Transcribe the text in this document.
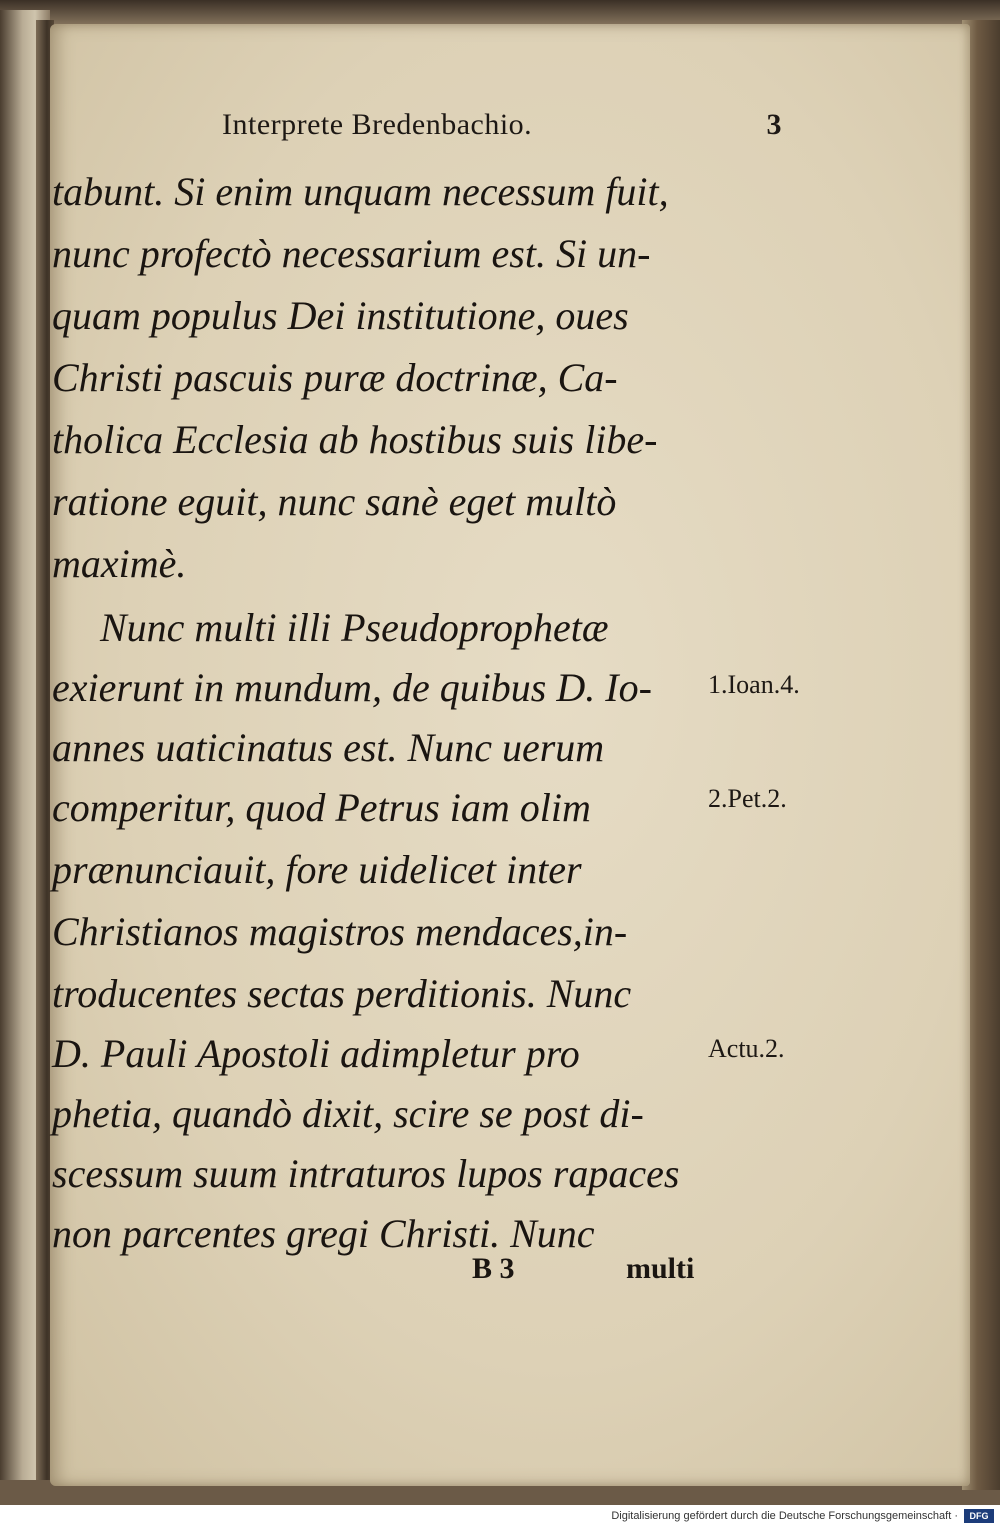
Interprete Bredenbachio.	3
tabunt. Si enim unquam necessum fuit,
nunc profectò necessarium est. Si un-
quam populus Dei institutione, oues
Christi pascuis puræ doctrinæ, Ca-
tholica Ecclesia ab hostibus suis libe-
ratione eguit, nunc sanè eget multò
maximè.
Nunc multi illi Pseudoprophetæ
exierunt in mundum, de quibus D. Io-
annes uaticinatus est. Nunc uerum
comperitur, quod Petrus iam olim
prænunciauit, fore uidelicet inter
Christianos magistros mendaces,in-
troducentes sectas perditionis. Nunc
D. Pauli Apostoli adimpletur pro
phetia, quandò dixit, scire se post di-
scessum suum intraturos lupos rapaces
non parcentes gregi Christi. Nunc
1.Ioan.4.
2.Pet.2.
Actu.2.
B 3	multi
Digitalisierung gefördert durch die Deutsche Forschungsgemeinschaft ·	DFG
